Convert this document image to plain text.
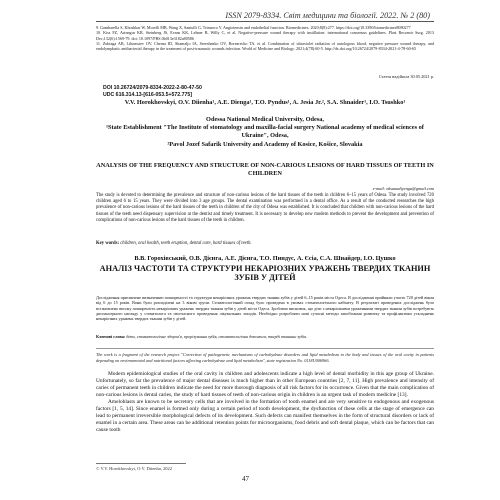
ISSN 2079-8334. Світ медицини та біології. 2022. № 2 (80)
9. Gambarella S, Khoshkar W, Morelli MB, Wang X, Santulli G, Trimarco V. Angiotensin and endothelial function. Biomedicines. 2020;8(8):277. https://doi.org/10.3390/biomedicines8080277
10. Kiss FZ, Arinngur KR, Steinberg JS, Evans KK, Lehner B, Willy C, et al. Negative-pressure wound therapy with instillation: international consensus guidelines. Plast Reconstr Surg. 2013 Dec;132(6):1569-79. doi: 10.1097/PRS.0b013e3182a80586
11. Zubiaga AB, Lihomstev OV, Cherna ID, Shamaljo IA, Sereshenko OV, Rorearecko TA. et al. Combination of ultraviolet radiation of autologous blood, negative pressure wound therapy, and endolymphatic antibacterial therapy in the treatment of post-traumatic wounds infection. World of Medicine and Biology. 2021;4(78):60-5. http://dx.doi.org/10.26724/2079-8334-2021-4-78-60-65
Стаття надійшла 30.05.2021 р.
DOI 10.26724/2079-8334-2022-2-80-47-50
UDC 616.314.13-[616-053.5+572.775]
V.V. Horokhovskyi, O.V. Diienha¹, A.E. Dienga¹, T.O. Pyndus¹, A. Jesia Jr.², S.A. Shnaider¹, I.O. Tsushko¹
Odessa National Medical University, Odesa,
¹State Establishment "The Institute of stomatology and maxilla-facial surgery National academy of medical sciences of Ukraine", Odesa,
²Pavol Jozef Safarik University and Academy of Kosice, Košice, Slovakia
ANALYSIS OF THE FREQUENCY AND STRUCTURE OF NON-CARIOUS LESIONS OF HARD TISSUES OF TEETH IN CHILDREN
e-mail: oksanadiyenga@gmail.com
The study is devoted to determining the prevalence and structure of non-carious lesions of the hard tissues of the teeth in children 6–15 years of Odesa. The study involved 720 children aged 6 to 15 years. They were divided into 3 age groups. The dental examination was performed in a dental office. As a result of the conducted researches the high prevalence of non-carious lesions of the hard tissues of the teeth in children of the city of Odesa was established. It is concluded that children with non-carious lesions of the hard tissues of the teeth need dispensary supervision at the dentist and timely treatment. It is necessary to develop new modern methods to prevent the development and prevention of complications of non-carious lesions of the hard tissues of the teeth in children.
Key words: children, oral health, teeth eruption, dental care, hard tissues of teeth.
В.В. Горохівський, О.В. Дієнга, А.Е. Дієнга, Т.О. Пиндус, А. Єсіа, С.А. Шнайдер, І.О. Цушко
АНАЛІЗ ЧАСТОТИ ТА СТРУКТУРИ НЕКАРІОЗНИХ УРАЖЕНЬ ТВЕРДИХ ТКАНИН ЗУБІВ У ДІТЕЙ
Дослідження присвячене визначенню поширеності та структури некаріозних уражень твердих тканин зубів у дітей 6–15 років міста Одеса. В дослідженні прийняли участь 720 дітей віком від 6 до 15 років. Вони були розподілені на 3 вікові групи. Стоматологічний огляд було проведено в умовах стоматологічного кабінету. В результаті проведених досліджень було встановлено високу поширеність некаріозних уражень твердих тканин зубів у дітей міста Одеса. Зроблено висновок, що діти з некаріозними ураженнями твердих тканин зубів потребують диспансерного нагляду у стоматолога та своєчасного проведення лікувальних заходів. Необхідно розробляти нові сучасні методи запобігання розвитку та профілактики ускладнень некаріозних уражень твердих тканин зубів у дітей.
Ключові слова: діти, стоматологічне здоров'я, прорізування зубів, стоматологічна допомога, тверді тканини зубів.
The work is a fragment of the research project "Correction of pathogenetic mechanisms of carbohydrate disorders and lipid metabolism in the body and tissues of the oral cavity in patients depending on environmental and nutritional factors affecting carbohydrate and lipid metabolism", state registration No. 0118U006966.

Modern epidemiological studies of the oral cavity in children and adolescents indicate a high level of dental morbidity in this age group of Ukraine. Unfortunately, so far the prevalence of major dental diseases is much higher than in other European countries [2, 7, 11]. High prevalence and intensity of caries of permanent teeth in children indicate the need for more thorough diagnosis of all risk factors for its occurrence. Given that the main complication of non-carious lesions is dental caries, the study of hard tissues of teeth of non-carious origin in children is an urgent task of modern medicine [13].

Ameloblasts are known to be secretory cells that are involved in the formation of tooth enamel and are very sensitive to endogenous and exogenous factors [1, 5, 14]. Since enamel is formed only during a certain period of tooth development, the dysfunction of these cells at the stage of emergence can lead to permanent irreversible morphological defects of its development. Such defects can manifest themselves in the form of structural disorders or lack of enamel in a certain area. These areas can be additional retention points for microorganisms, food debris and soft dental plaque, which can be factors that can cause tooth

© V.V. Horokhovskyi, O.V. Diienha, 2022
47
